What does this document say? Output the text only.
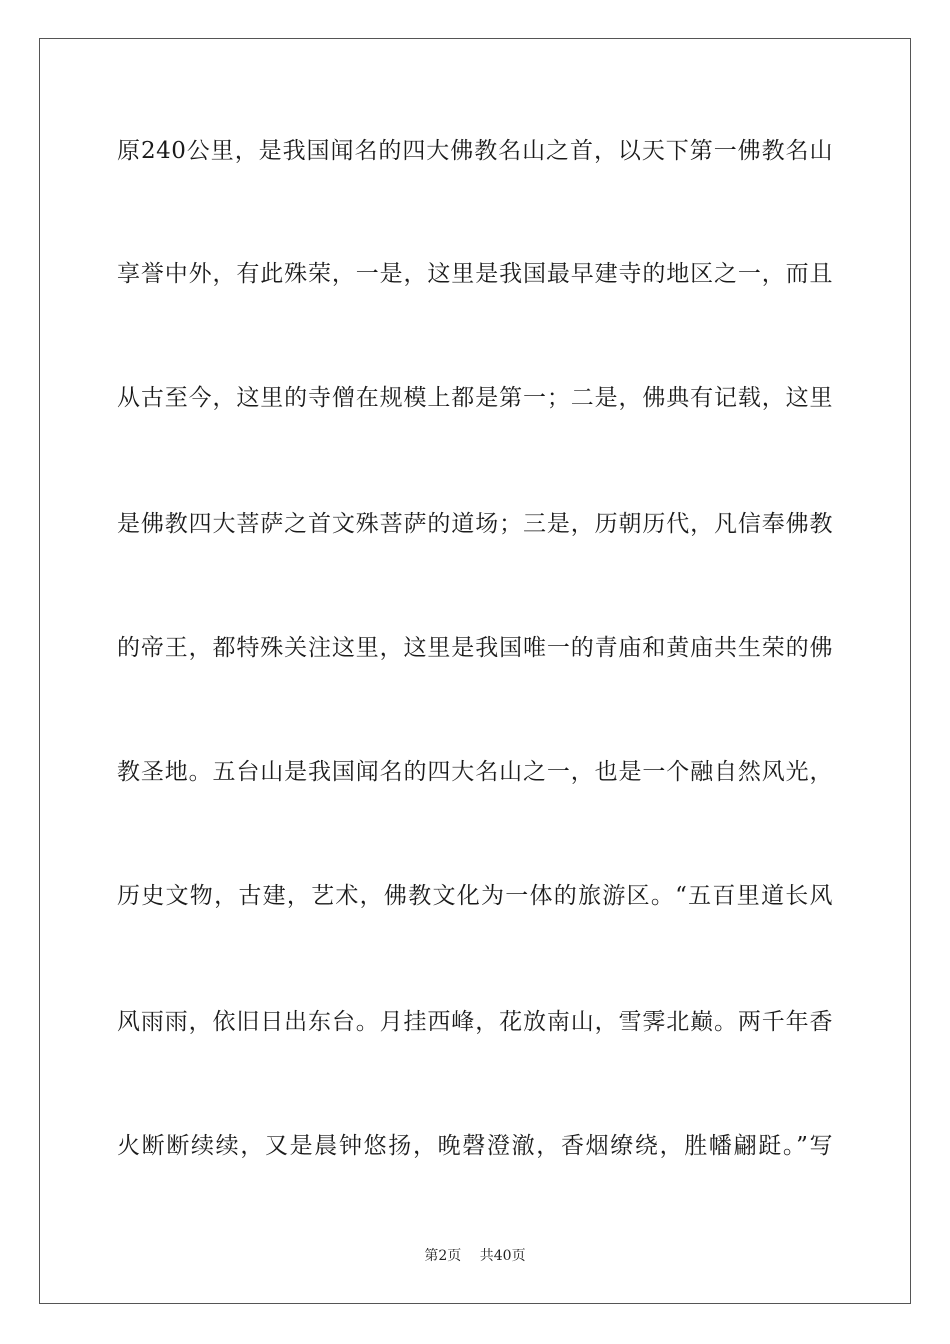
原240公里，是我国闻名的四大佛教名山之首，以天下第一佛教名山
享誉中外，有此殊荣，一是，这里是我国最早建寺的地区之一，而且
从古至今，这里的寺僧在规模上都是第一；二是，佛典有记载，这里
是佛教四大菩萨之首文殊菩萨的道场；三是，历朝历代，凡信奉佛教
的帝王，都特殊关注这里，这里是我国唯一的青庙和黄庙共生荣的佛
教圣地。五台山是我国闻名的四大名山之一，也是一个融自然风光，
历史文物，古建，艺术，佛教文化为一体的旅游区。“五百里道长风
风雨雨，依旧日出东台。月挂西峰，花放南山，雪霁北巅。两千年香
火断断续续，又是晨钟悠扬，晚磬澄澈，香烟缭绕，胜幡翩跹。”写
第2页 共40页
